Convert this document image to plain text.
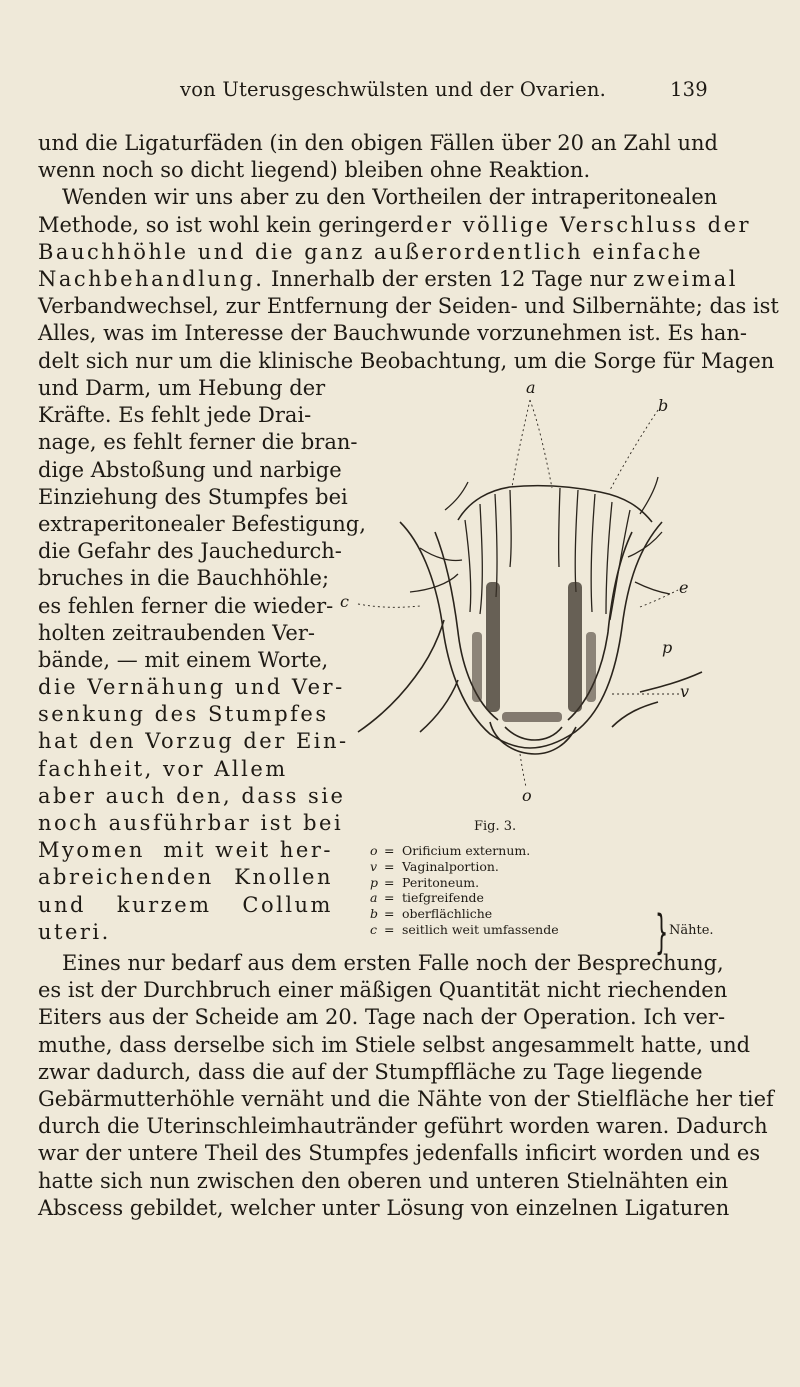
von Uterusgeschwülsten und der Ovarien.	139
und die Ligaturfäden (in den obigen Fällen über 20 an Zahl und
wenn noch so dicht liegend) bleiben ohne Reaktion.
Wenden wir uns aber zu den Vortheilen der intraperitonealen
Methode, so ist wohl kein geringer der völlige Verschluss der
Bauchhöhle und die ganz außerordentlich einfache
Nachbehandlung. Innerhalb der ersten 12 Tage nur zweimal
Verbandwechsel, zur Entfernung der Seiden- und Silbernähte; das ist
Alles, was im Interesse der Bauchwunde vorzunehmen ist. Es han-
delt sich nur um die klinische Beobachtung, um die Sorge für Magen
und Darm, um Hebung der
Kräfte. Es fehlt jede Drai-
nage, es fehlt ferner die bran-
dige Abstoßung und narbige
Einziehung des Stumpfes bei
extraperitonealer Befestigung,
die Gefahr des Jauchedurch-
bruches in die Bauchhöhle;
es fehlen ferner die wieder-
holten zeitraubenden Ver-
bände, — mit einem Worte,
die Vernähung und Ver-
senkung des Stumpfes
hat den Vorzug der Ein-
fachheit, vor Allem
aber auch den, dass sie
noch ausführbar ist bei
Myomen mit weit her-
abreichenden Knollen
und kurzem Collum
uteri.
a
b
c
e
p
v
o
Fig. 3.
o = Orificium externum.
v = Vaginalportion.
p = Peritoneum.
a = tiefgreifende
b = oberflächliche
c = seitlich weit umfassende } Nähte.
Eines nur bedarf aus dem ersten Falle noch der Besprechung,
es ist der Durchbruch einer mäßigen Quantität nicht riechenden
Eiters aus der Scheide am 20. Tage nach der Operation. Ich ver-
muthe, dass derselbe sich im Stiele selbst angesammelt hatte, und
zwar dadurch, dass die auf der Stumpffläche zu Tage liegende
Gebärmutterhöhle vernäht und die Nähte von der Stielfläche her tief
durch die Uterinschleimhautränder geführt worden waren. Dadurch
war der untere Theil des Stumpfes jedenfalls inficirt worden und es
hatte sich nun zwischen den oberen und unteren Stielnähten ein
Abscess gebildet, welcher unter Lösung von einzelnen Ligaturen
